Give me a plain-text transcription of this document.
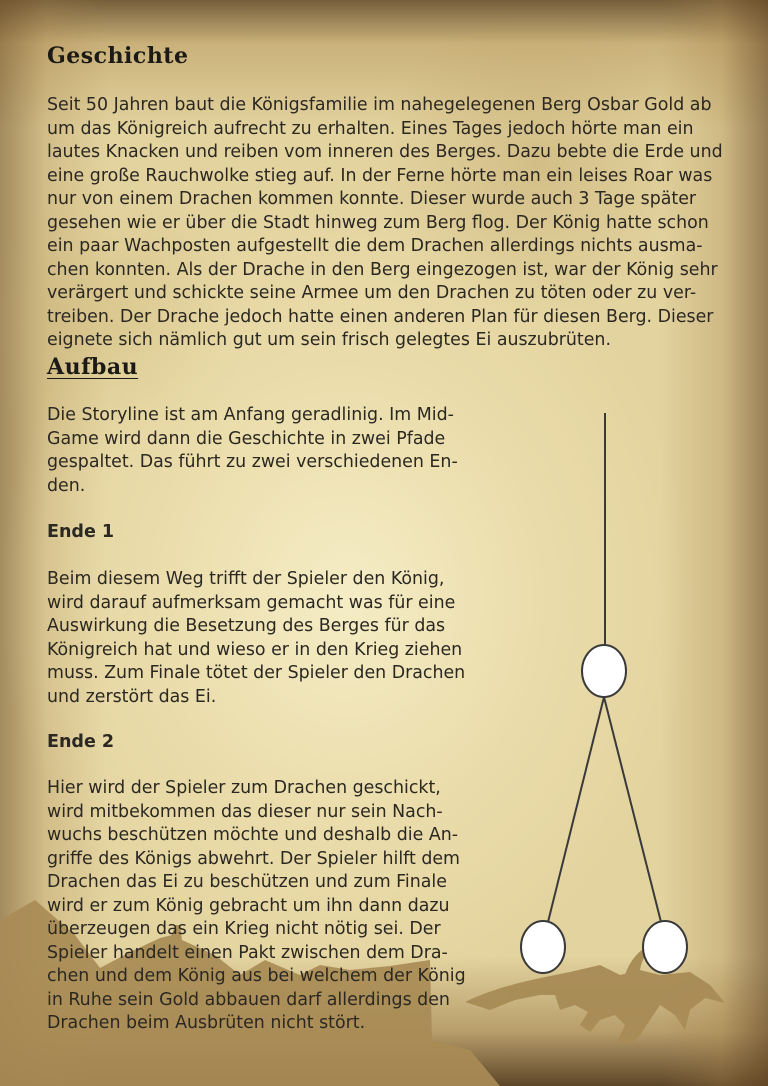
Geschichte

Seit 50 Jahren baut die Königsfamilie im nahegelegenen Berg Osbar Gold ab
um das Königreich aufrecht zu erhalten. Eines Tages jedoch hörte man ein
lautes Knacken und reiben vom inneren des Berges. Dazu bebte die Erde und
eine große Rauchwolke stieg auf. In der Ferne hörte man ein leises Roar was
nur von einem Drachen kommen konnte. Dieser wurde auch 3 Tage später
gesehen wie er über die Stadt hinweg zum Berg flog. Der König hatte schon
ein paar Wachposten aufgestellt die dem Drachen allerdings nichts ausma-
chen konnten. Als der Drache in den Berg eingezogen ist, war der König sehr
verärgert und schickte seine Armee um den Drachen zu töten oder zu ver-
treiben. Der Drache jedoch hatte einen anderen Plan für diesen Berg. Dieser
eignete sich nämlich gut um sein frisch gelegtes Ei auszubrüten.

Aufbau

Die Storyline ist am Anfang geradlinig. Im Mid-
Game wird dann die Geschichte in zwei Pfade
gespaltet. Das führt zu zwei verschiedenen En-
den.

Ende 1

Beim diesem Weg trifft der Spieler den König,
wird darauf aufmerksam gemacht was für eine
Auswirkung die Besetzung des Berges für das
Königreich hat und wieso er in den Krieg ziehen
muss. Zum Finale tötet der Spieler den Drachen
und zerstört das Ei.

Ende 2

Hier wird der Spieler zum Drachen geschickt,
wird mitbekommen das dieser nur sein Nach-
wuchs beschützen möchte und deshalb die An-
griffe des Königs abwehrt. Der Spieler hilft dem
Drachen das Ei zu beschützen und zum Finale
wird er zum König gebracht um ihn dann dazu
überzeugen das ein Krieg nicht nötig sei. Der
Spieler handelt einen Pakt zwischen dem Dra-
chen und dem König aus bei welchem der König
in Ruhe sein Gold abbauen darf allerdings den
Drachen beim Ausbrüten nicht stört.
